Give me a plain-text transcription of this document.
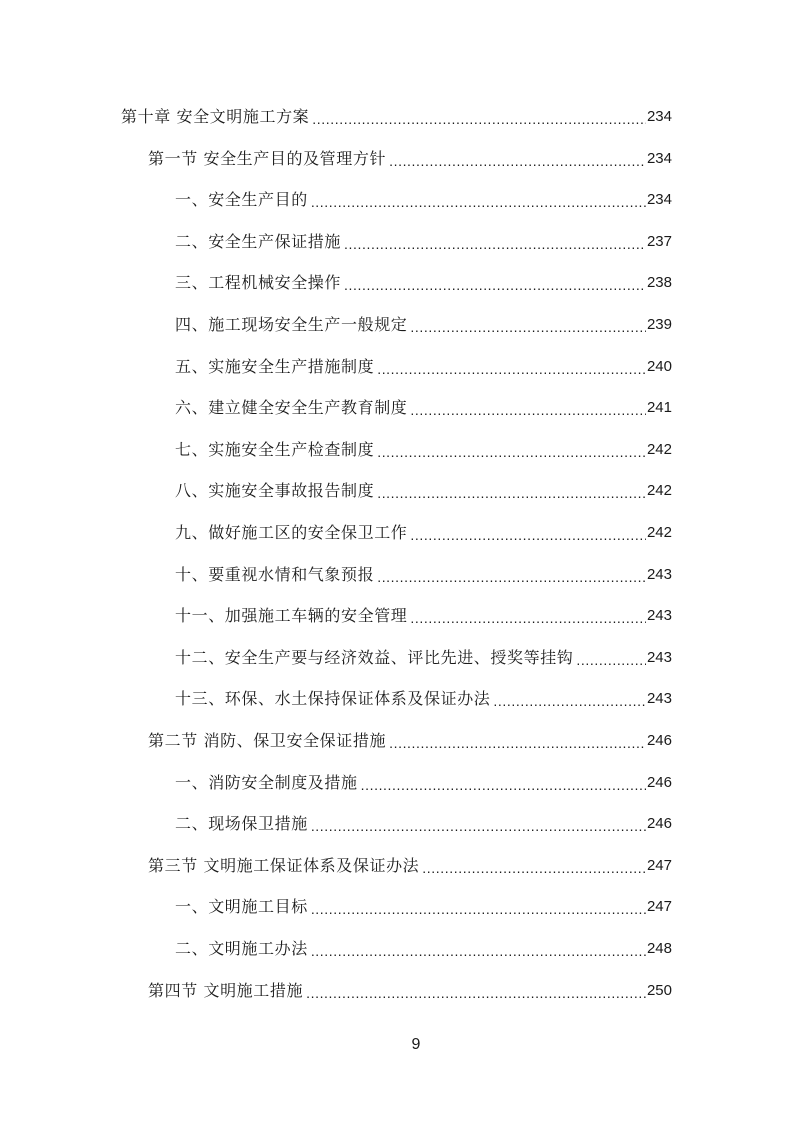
第十章 安全文明施工方案 .....	234
第一节 安全生产目的及管理方针 .....	234
一、安全生产目的 .....	234
二、安全生产保证措施 .....	237
三、工程机械安全操作 .....	238
四、施工现场安全生产一般规定 .....	239
五、实施安全生产措施制度 .....	240
六、建立健全安全生产教育制度 .....	241
七、实施安全生产检查制度 .....	242
八、实施安全事故报告制度 .....	242
九、做好施工区的安全保卫工作 .....	242
十、要重视水情和气象预报 .....	243
十一、加强施工车辆的安全管理 .....	243
十二、安全生产要与经济效益、评比先进、授奖等挂钩 .....	243
十三、环保、水土保持保证体系及保证办法 .....	243
第二节 消防、保卫安全保证措施 .....	246
一、消防安全制度及措施 .....	246
二、现场保卫措施 .....	246
第三节 文明施工保证体系及保证办法 .....	247
一、文明施工目标 .....	247
二、文明施工办法 .....	248
第四节 文明施工措施 .....	250
9
